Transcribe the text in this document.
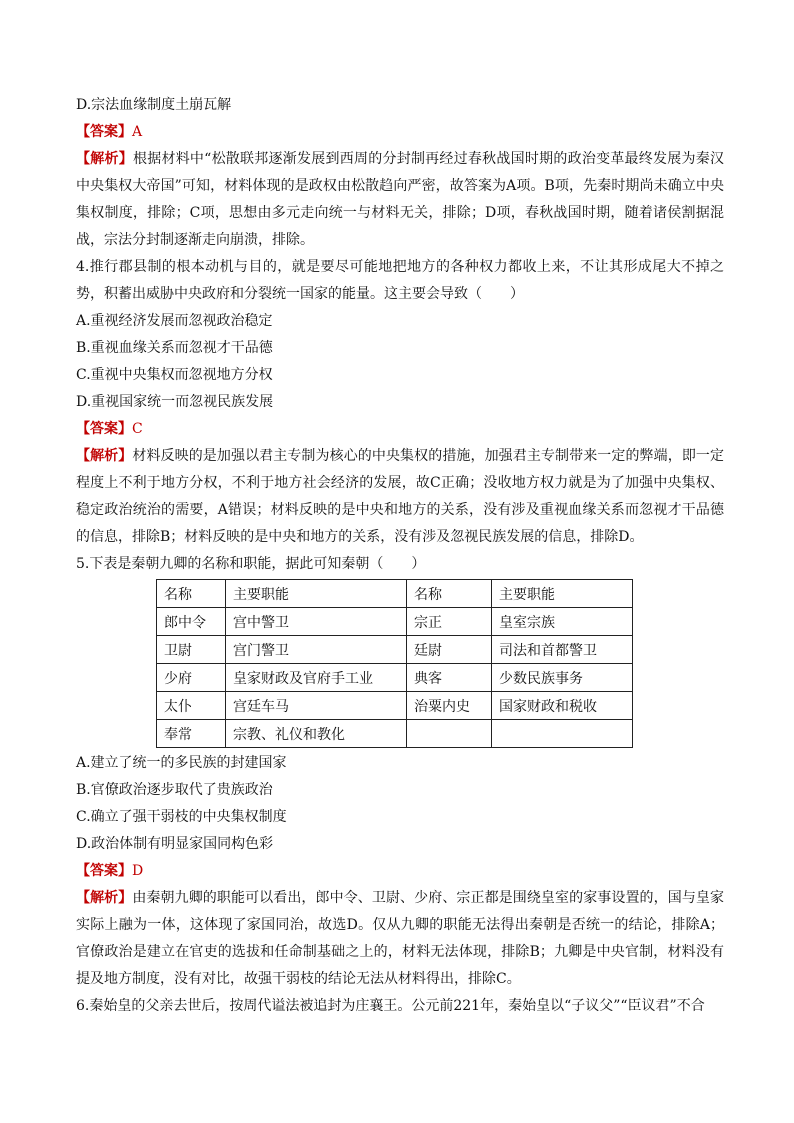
D.宗法血缘制度土崩瓦解

【答案】A

【解析】根据材料中“松散联邦逐渐发展到西周的分封制再经过春秋战国时期的政治变革最终发展为秦汉中央集权大帝国”可知，材料体现的是政权由松散趋向严密，故答案为A项。B项，先秦时期尚未确立中央集权制度，排除；C项，思想由多元走向统一与材料无关，排除；D项，春秋战国时期，随着诸侯割据混战，宗法分封制逐渐走向崩溃，排除。

4.推行郡县制的根本动机与目的，就是要尽可能地把地方的各种权力都收上来，不让其形成尾大不掉之势，积蓄出威胁中央政府和分裂统一国家的能量。这主要会导致（　　）

A.重视经济发展而忽视政治稳定

B.重视血缘关系而忽视才干品德

C.重视中央集权而忽视地方分权

D.重视国家统一而忽视民族发展

【答案】C

【解析】材料反映的是加强以君主专制为核心的中央集权的措施，加强君主专制带来一定的弊端，即一定程度上不利于地方分权，不利于地方社会经济的发展，故C正确；没收地方权力就是为了加强中央集权、稳定政治统治的需要，A错误；材料反映的是中央和地方的关系，没有涉及重视血缘关系而忽视才干品德的信息，排除B；材料反映的是中央和地方的关系，没有涉及忽视民族发展的信息，排除D。

5.下表是秦朝九卿的名称和职能，据此可知秦朝（　　）

名称	主要职能	名称	主要职能
郎中令	宫中警卫	宗正	皇室宗族
卫尉	宫门警卫	廷尉	司法和首都警卫
少府	皇家财政及官府手工业	典客	少数民族事务
太仆	宫廷车马	治粟内史	国家财政和税收
奉常	宗教、礼仪和教化		

A.建立了统一的多民族的封建国家

B.官僚政治逐步取代了贵族政治

C.确立了强干弱枝的中央集权制度

D.政治体制有明显家国同构色彩

【答案】D

【解析】由秦朝九卿的职能可以看出，郎中令、卫尉、少府、宗正都是围绕皇室的家事设置的，国与皇家实际上融为一体，这体现了家国同治，故选D。仅从九卿的职能无法得出秦朝是否统一的结论，排除A；官僚政治是建立在官吏的选拔和任命制基础之上的，材料无法体现，排除B；九卿是中央官制，材料没有提及地方制度，没有对比，故强干弱枝的结论无法从材料得出，排除C。

6.秦始皇的父亲去世后，按周代谥法被追封为庄襄王。公元前221年，秦始皇以“子议父”“臣议君”不合
